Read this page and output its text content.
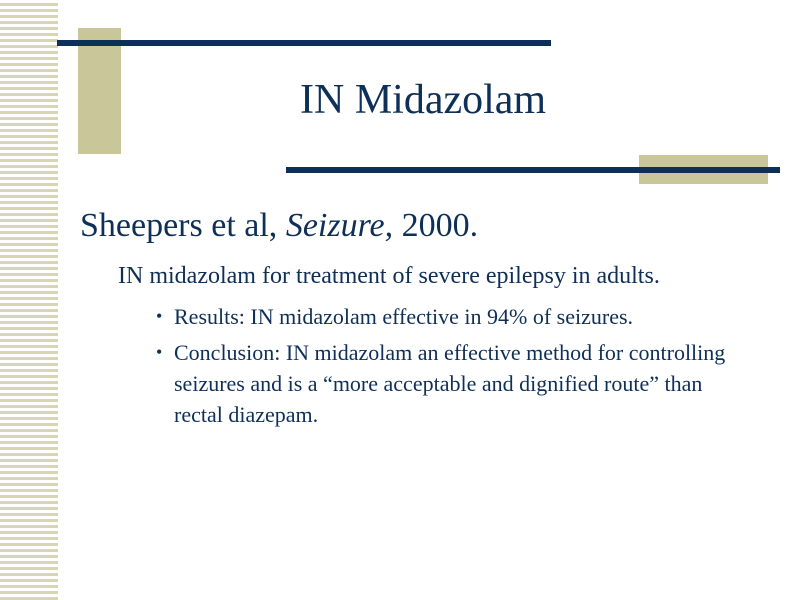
IN Midazolam

Sheepers et al, Seizure, 2000.

IN midazolam for treatment of severe epilepsy in adults.

• Results: IN midazolam effective in 94% of seizures.
• Conclusion: IN midazolam an effective method for controlling seizures and is a “more acceptable and dignified route” than rectal diazepam.
